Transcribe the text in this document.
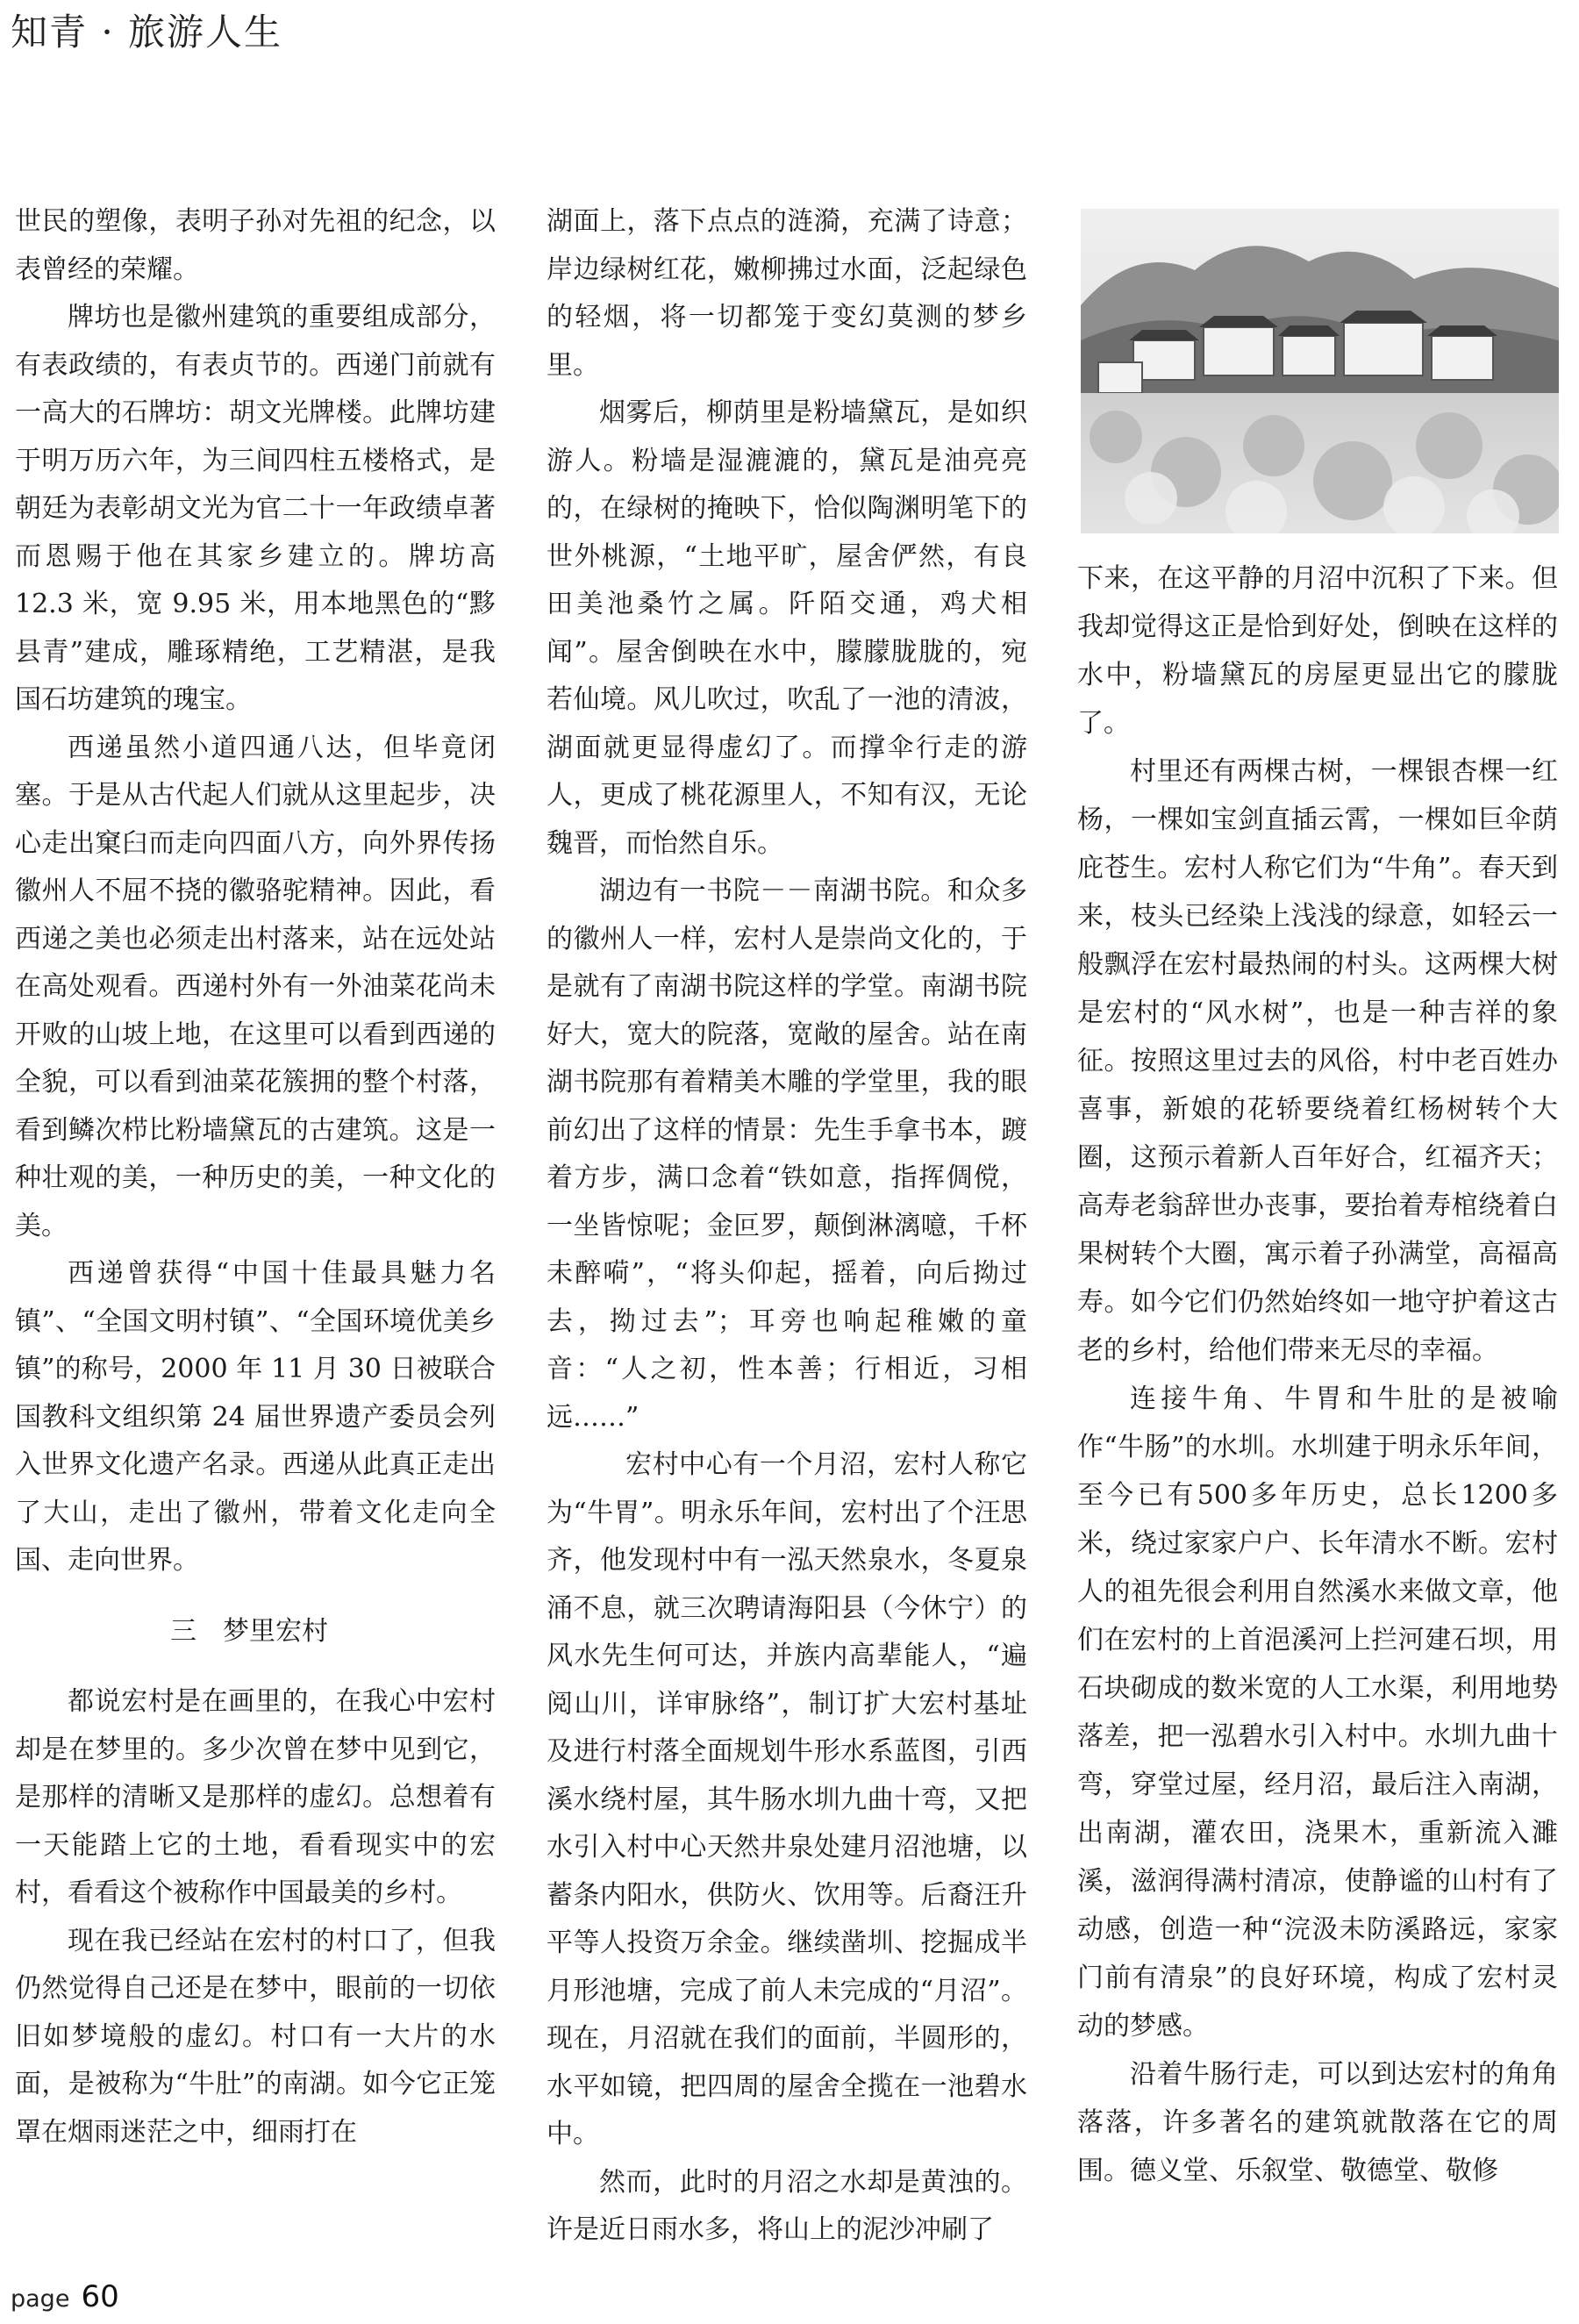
知青 · 旅游人生

世民的塑像，表明子孙对先祖的纪念，以表曾经的荣耀。

牌坊也是徽州建筑的重要组成部分，有表政绩的，有表贞节的。西递门前就有一高大的石牌坊：胡文光牌楼。此牌坊建于明万历六年，为三间四柱五楼格式，是朝廷为表彰胡文光为官二十一年政绩卓著而恩赐于他在其家乡建立的。牌坊高 12.3 米，宽 9.95 米，用本地黑色的“黟县青”建成，雕琢精绝，工艺精湛，是我国石坊建筑的瑰宝。

西递虽然小道四通八达，但毕竟闭塞。于是从古代起人们就从这里起步，决心走出窠臼而走向四面八方，向外界传扬徽州人不屈不挠的徽骆驼精神。因此，看西递之美也必须走出村落来，站在远处站在高处观看。西递村外有一外油菜花尚未开败的山坡上地，在这里可以看到西递的全貌，可以看到油菜花簇拥的整个村落，看到鳞次栉比粉墙黛瓦的古建筑。这是一种壮观的美，一种历史的美，一种文化的美。

西递曾获得“中国十佳最具魅力名镇”、“全国文明村镇”、“全国环境优美乡镇”的称号，2000 年 11 月 30 日被联合国教科文组织第 24 届世界遗产委员会列入世界文化遗产名录。西递从此真正走出了大山，走出了徽州，带着文化走向全国、走向世界。

三　梦里宏村

都说宏村是在画里的，在我心中宏村却是在梦里的。多少次曾在梦中见到它，是那样的清晰又是那样的虚幻。总想着有一天能踏上它的土地，看看现实中的宏村，看看这个被称作中国最美的乡村。

现在我已经站在宏村的村口了，但我仍然觉得自己还是在梦中，眼前的一切依旧如梦境般的虚幻。村口有一大片的水面，是被称为“牛肚”的南湖。如今它正笼罩在烟雨迷茫之中，细雨打在

湖面上，落下点点的涟漪，充满了诗意；岸边绿树红花，嫩柳拂过水面，泛起绿色的轻烟，将一切都笼于变幻莫测的梦乡里。

烟雾后，柳荫里是粉墙黛瓦，是如织游人。粉墙是湿漉漉的，黛瓦是油亮亮的，在绿树的掩映下，恰似陶渊明笔下的世外桃源，“土地平旷，屋舍俨然，有良田美池桑竹之属。阡陌交通，鸡犬相闻”。屋舍倒映在水中，朦朦胧胧的，宛若仙境。风儿吹过，吹乱了一池的清波，湖面就更显得虚幻了。而撑伞行走的游人，更成了桃花源里人，不知有汉，无论魏晋，而怡然自乐。

湖边有一书院－－南湖书院。和众多的徽州人一样，宏村人是崇尚文化的，于是就有了南湖书院这样的学堂。南湖书院好大，宽大的院落，宽敞的屋舍。站在南湖书院那有着精美木雕的学堂里，我的眼前幻出了这样的情景：先生手拿书本，踱着方步，满口念着“铁如意，指挥倜傥，一坐皆惊呢；金叵罗，颠倒淋漓噫，千杯未醉嗬”，“将头仰起，摇着，向后拗过去，拗过去”；耳旁也响起稚嫩的童音：“人之初，性本善；行相近，习相远……”

宏村中心有一个月沼，宏村人称它为“牛胃”。明永乐年间，宏村出了个汪思齐，他发现村中有一泓天然泉水，冬夏泉涌不息，就三次聘请海阳县（今休宁）的风水先生何可达，并族内高辈能人，“遍阅山川，详审脉络”，制订扩大宏村基址及进行村落全面规划牛形水系蓝图，引西溪水绕村屋，其牛肠水圳九曲十弯，又把水引入村中心天然井泉处建月沼池塘，以蓄条内阳水，供防火、饮用等。后裔汪升平等人投资万余金。继续凿圳、挖掘成半月形池塘，完成了前人未完成的“月沼”。现在，月沼就在我们的面前，半圆形的，水平如镜，把四周的屋舍全揽在一池碧水中。

然而，此时的月沼之水却是黄浊的。许是近日雨水多，将山上的泥沙冲刷了

下来，在这平静的月沼中沉积了下来。但我却觉得这正是恰到好处，倒映在这样的水中，粉墙黛瓦的房屋更显出它的朦胧了。

村里还有两棵古树，一棵银杏棵一红杨，一棵如宝剑直插云霄，一棵如巨伞荫庇苍生。宏村人称它们为“牛角”。春天到来，枝头已经染上浅浅的绿意，如轻云一般飘浮在宏村最热闹的村头。这两棵大树是宏村的“风水树”，也是一种吉祥的象征。按照这里过去的风俗，村中老百姓办喜事，新娘的花轿要绕着红杨树转个大圈，这预示着新人百年好合，红福齐天；高寿老翁辞世办丧事，要抬着寿棺绕着白果树转个大圈，寓示着子孙满堂，高福高寿。如今它们仍然始终如一地守护着这古老的乡村，给他们带来无尽的幸福。

连接牛角、牛胃和牛肚的是被喻作“牛肠”的水圳。水圳建于明永乐年间，至今已有500多年历史，总长1200多米，绕过家家户户、长年清水不断。宏村人的祖先很会利用自然溪水来做文章，他们在宏村的上首浥溪河上拦河建石坝，用石块砌成的数米宽的人工水渠，利用地势落差，把一泓碧水引入村中。水圳九曲十弯，穿堂过屋，经月沼，最后注入南湖，出南湖，灌农田，浇果木，重新流入濉溪，滋润得满村清凉，使静谧的山村有了动感，创造一种“浣汲未防溪路远，家家门前有清泉”的良好环境，构成了宏村灵动的梦感。

沿着牛肠行走，可以到达宏村的角角落落，许多著名的建筑就散落在它的周围。德义堂、乐叙堂、敬德堂、敬修

page 60
